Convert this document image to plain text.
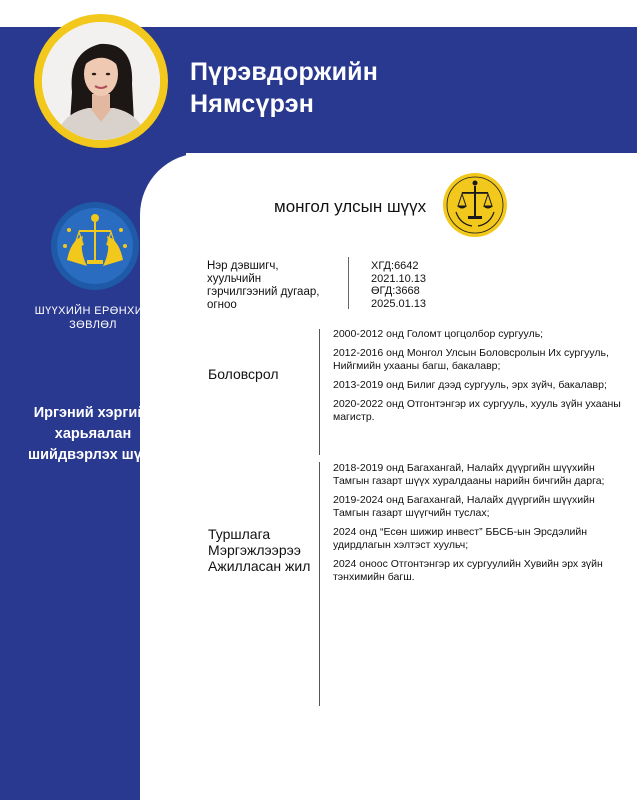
Пүрэвдоржийн
Нямсүрэн
ШҮҮХИЙН ЕРӨНХИЙ
ЗӨВЛӨЛ
Иргэний хэргийг
харьяалан
шийдвэрлэх шүүх
монгол улсын шүүх
Нэр дэвшигч,
хуульчийн
гэрчилгээний дугаар,
огноо
ХГД:6642
2021.10.13
ӨГД:3668
2025.01.13
Боловсрол

2000-2012 онд Голомт цогцолбор сургууль;

2012-2016 онд Монгол Улсын Боловсролын Их сургууль, Нийгмийн ухааны багш, бакалавр;

2013-2019 онд Билиг дээд сургууль, эрх зүйч, бакалавр;

2020-2022 онд Отгонтэнгэр их сургууль, хууль зүйн ухааны магистр.

Туршлага
Мэргэжлээрээ
Ажилласан жил

2018-2019 онд Багахангай, Налайх дүүргийн шүүхийн Тамгын газарт шүүх хуралдааны нарийн бичгийн дарга;

2019-2024 онд Багахангай, Налайх дүүргийн шүүхийн Тамгын газарт шүүгчийн туслах;

2024 онд “Есөн шижир инвест” ББСБ-ын Эрсдэлийн удирдлагын хэлтэст хуульч;

2024 оноос Отгонтэнгэр их сургуулийн Хувийн эрх зүйн тэнхимийн багш.
